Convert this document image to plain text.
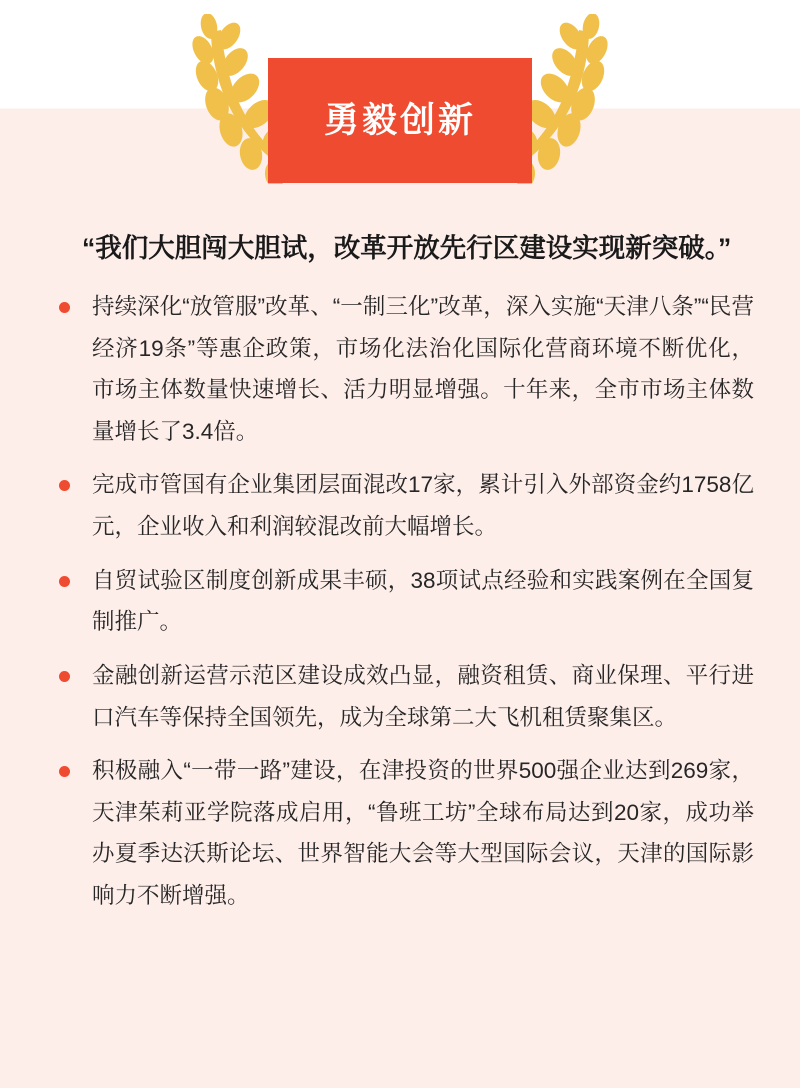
勇毅创新

“我们大胆闯大胆试，改革开放先行区建设实现新突破。”

持续深化“放管服”改革、“一制三化”改革，深入实施“天津八条”“民营经济19条”等惠企政策，市场化法治化国际化营商环境不断优化，市场主体数量快速增长、活力明显增强。十年来，全市市场主体数量增长了3.4倍。
完成市管国有企业集团层面混改17家，累计引入外部资金约1758亿元，企业收入和利润较混改前大幅增长。
自贸试验区制度创新成果丰硕，38项试点经验和实践案例在全国复制推广。
金融创新运营示范区建设成效凸显，融资租赁、商业保理、平行进口汽车等保持全国领先，成为全球第二大飞机租赁聚集区。
积极融入“一带一路”建设，在津投资的世界500强企业达到269家，天津茱莉亚学院落成启用，“鲁班工坊”全球布局达到20家，成功举办夏季达沃斯论坛、世界智能大会等大型国际会议，天津的国际影响力不断增强。
